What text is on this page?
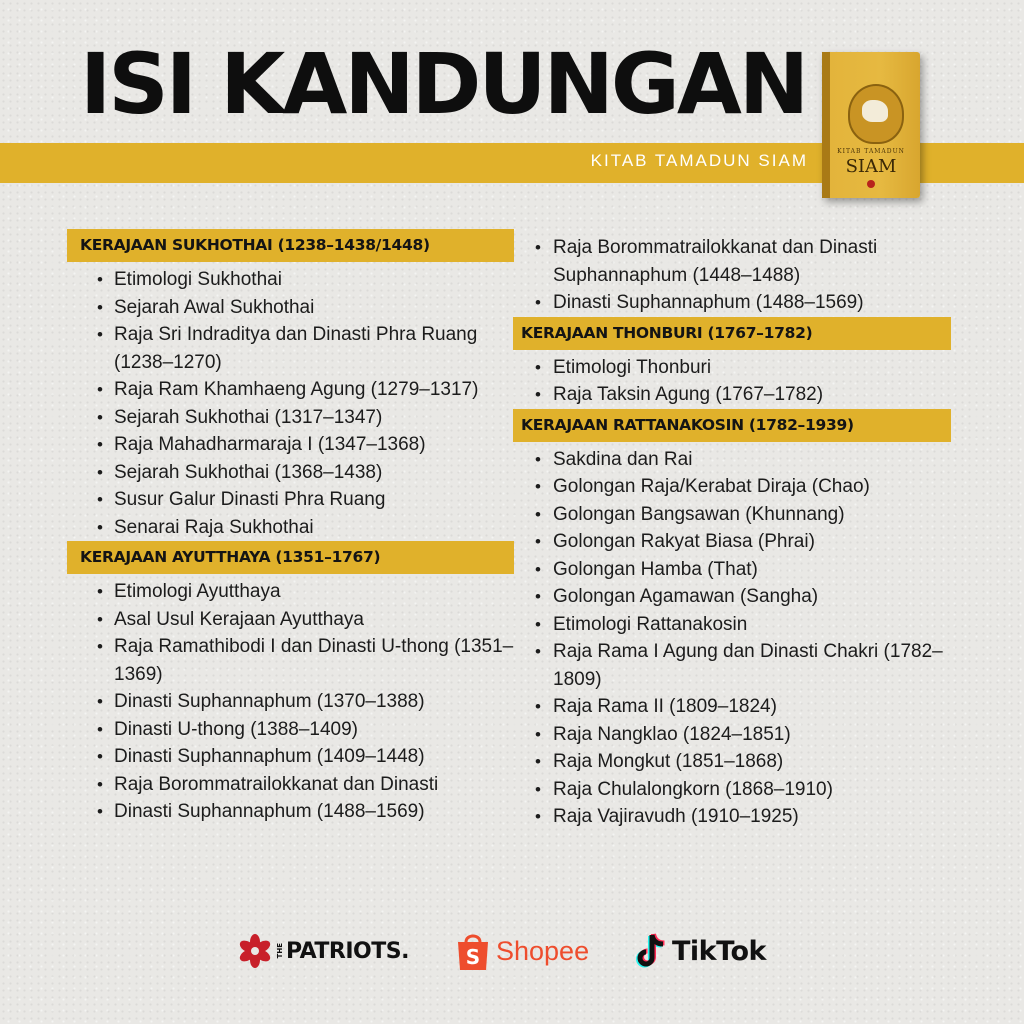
ISI KANDUNGAN
KITAB TAMADUN SIAM	KITAB TAMADUN
SIAM
KERAJAAN SUKHOTHAI (1238–1438/1448)
• Etimologi Sukhothai
• Sejarah Awal Sukhothai
• Raja Sri Indraditya dan Dinasti Phra Ruang (1238–1270)
• Raja Ram Khamhaeng Agung (1279–1317)
• Sejarah Sukhothai (1317–1347)
• Raja Mahadharmaraja I (1347–1368)
• Sejarah Sukhothai (1368–1438)
• Susur Galur Dinasti Phra Ruang
• Senarai Raja Sukhothai
KERAJAAN AYUTTHAYA (1351–1767)
• Etimologi Ayutthaya
• Asal Usul Kerajaan Ayutthaya
• Raja Ramathibodi I dan Dinasti U-thong (1351–1369)
• Dinasti Suphannaphum (1370–1388)
• Dinasti U-thong (1388–1409)
• Dinasti Suphannaphum (1409–1448)
• Raja Borommatrailokkanat dan Dinasti
• Dinasti Suphannaphum (1488–1569)
• Raja Borommatrailokkanat dan Dinasti Suphannaphum (1448–1488)
• Dinasti Suphannaphum (1488–1569)
KERAJAAN THONBURI (1767–1782)
• Etimologi Thonburi
• Raja Taksin Agung (1767–1782)
KERAJAAN RATTANAKOSIN (1782–1939)
• Sakdina dan Rai
• Golongan Raja/Kerabat Diraja (Chao)
• Golongan Bangsawan (Khunnang)
• Golongan Rakyat Biasa (Phrai)
• Golongan Hamba (That)
• Golongan Agamawan (Sangha)
• Etimologi Rattanakosin
• Raja Rama I Agung dan Dinasti Chakri (1782–1809)
• Raja Rama II (1809–1824)
• Raja Nangklao (1824–1851)
• Raja Mongkut (1851–1868)
• Raja Chulalongkorn (1868–1910)
• Raja Vajiravudh (1910–1925)
THE PATRIOTS.	S Shopee	TikTok
